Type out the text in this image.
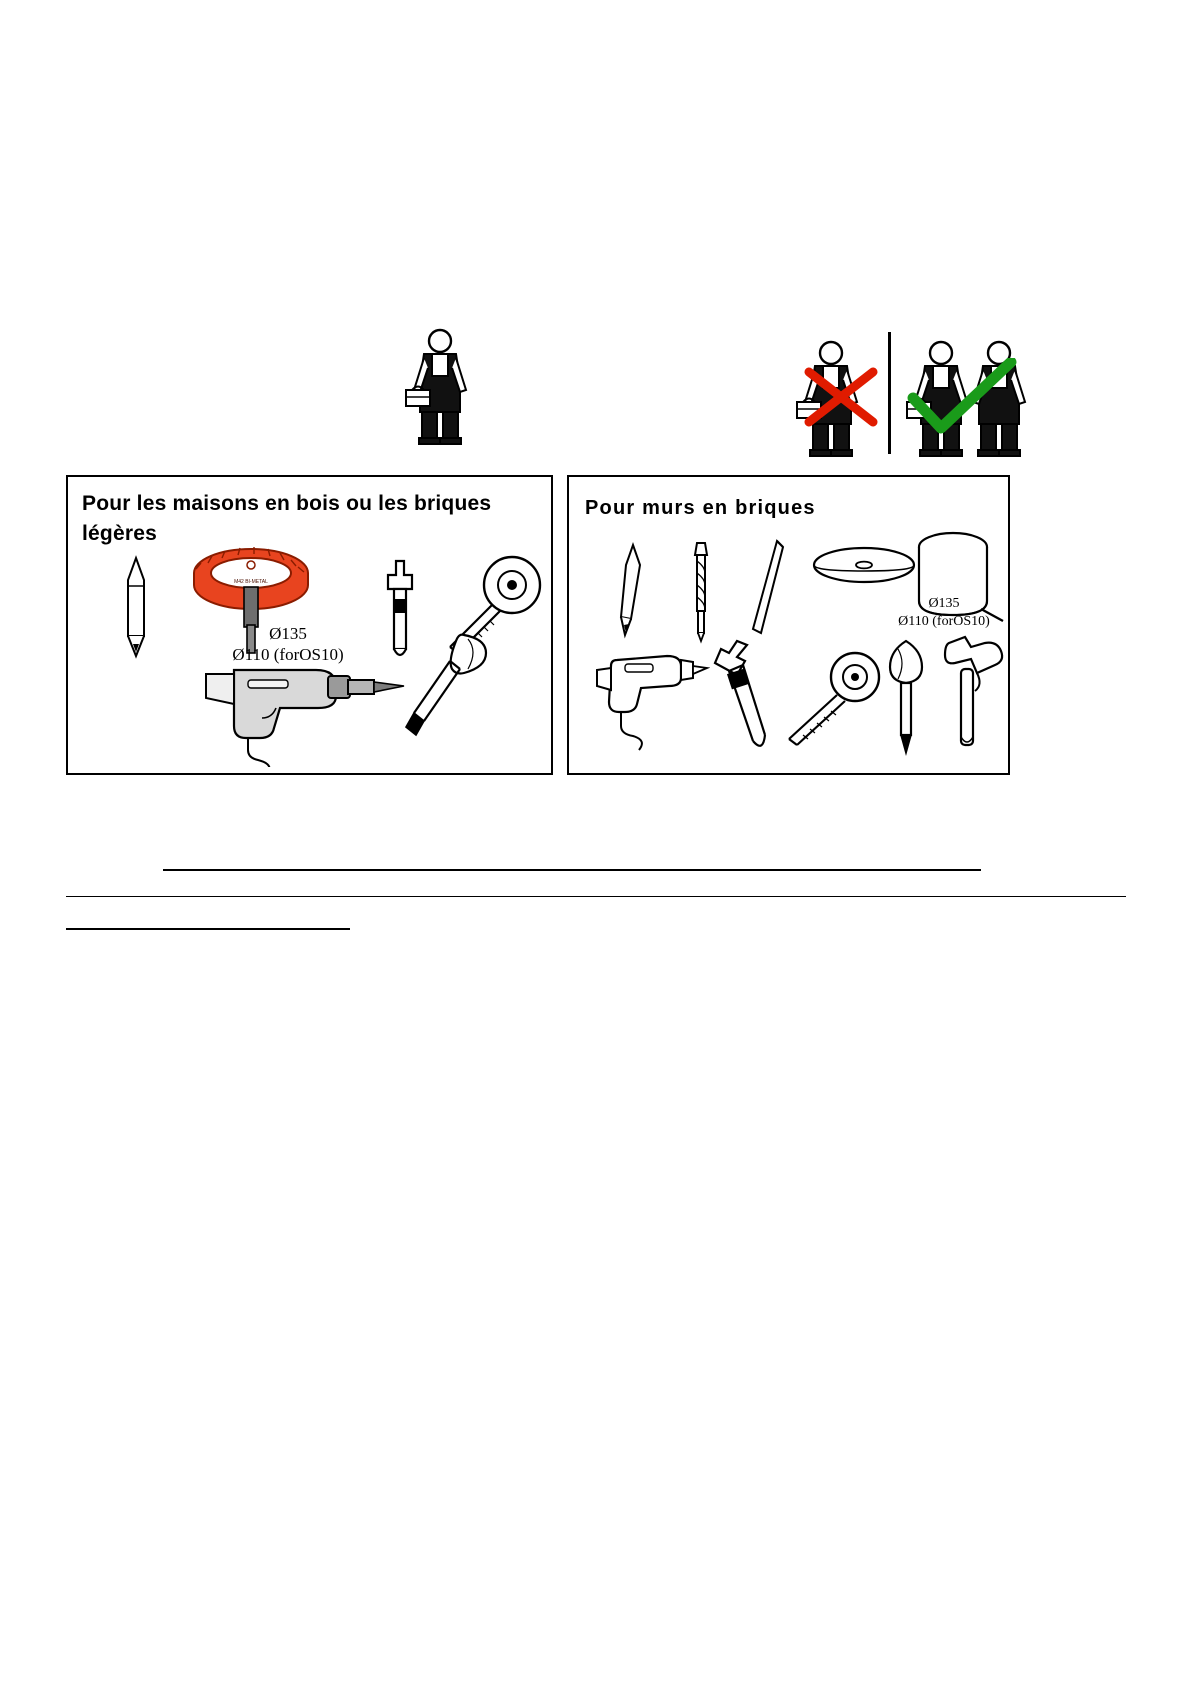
Pour les maisons en bois ou les briques légères
M42 BI-METAL
Ø135
Ø110 (forOS10)
Pour murs en briques
Ø135
Ø110 (forOS10)
